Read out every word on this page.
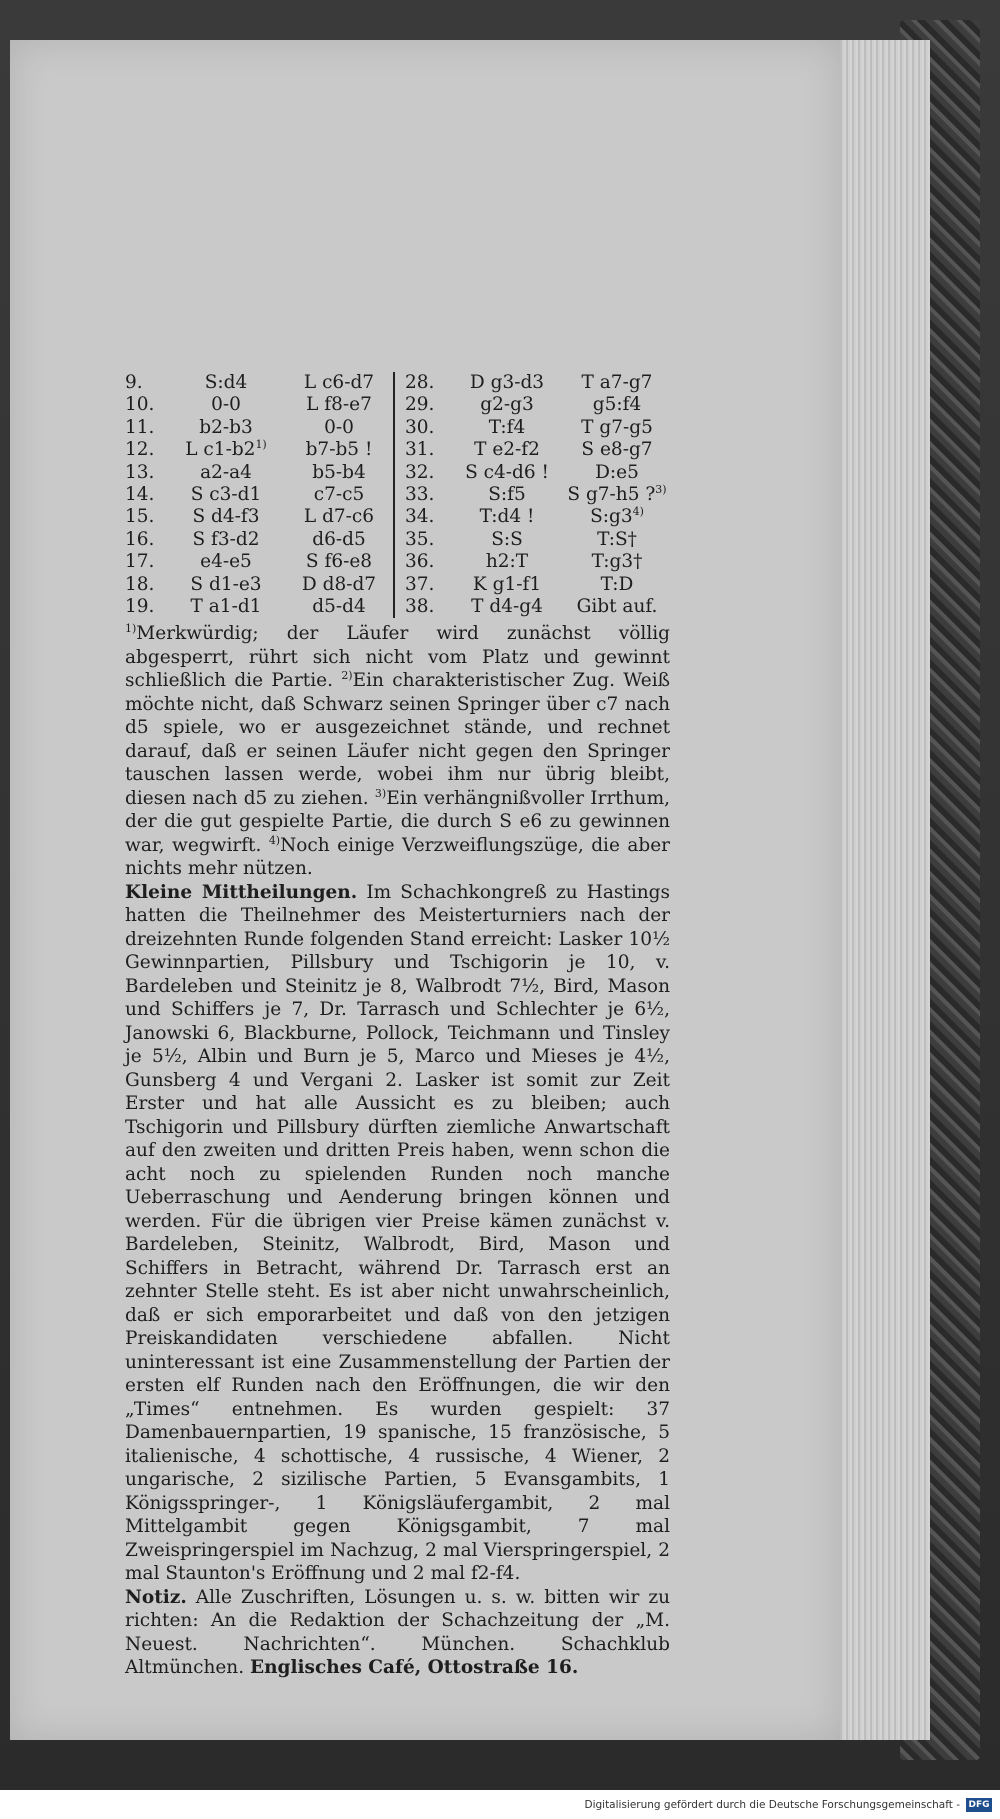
9.	S:d4	L c6-d7
10.	0-0	L f8-e7
11.	b2-b3	0-0
12.	L c1-b2$^{1)}$	b7-b5 !
13.	a2-a4	b5-b4
14.	S c3-d1	c7-c5
15.	S d4-f3	L d7-c6
16.	S f3-d2	d6-d5
17.	e4-e5	S f6-e8
18.	S d1-e3	D d8-d7
19.	T a1-d1	d5-d4
28.	D g3-d3	T a7-g7
29.	g2-g3	g5:f4
30.	T:f4	T g7-g5
31.	T e2-f2	S e8-g7
32.	S c4-d6 !	D:e5
33.	S:f5	S g7-h5 ?$^{3)}$
34.	T:d4 !	S:g3$^{4)}$
35.	S:S	T:S†
36.	h2:T	T:g3†
37.	K g1-f1	T:D
38.	T d4-g4	Gibt auf.

$^{1)}$Merkwürdig; der Läufer wird zunächst völlig abgesperrt, rührt sich nicht vom Platz und gewinnt schließlich die Partie. $^{2)}$Ein charakteristischer Zug. Weiß möchte nicht, daß Schwarz seinen Springer über c7 nach d5 spiele, wo er ausgezeichnet stände, und rechnet darauf, daß er seinen Läufer nicht gegen den Springer tauschen lassen werde, wobei ihm nur übrig bleibt, diesen nach d5 zu ziehen. $^{3)}$Ein verhängnißvoller Irrthum, der die gut gespielte Partie, die durch S e6 zu gewinnen war, wegwirft. $^{4)}$Noch einige Verzweiflungszüge, die aber nichts mehr nützen.

Kleine Mittheilungen. Im Schachkongreß zu Hastings hatten die Theilnehmer des Meisterturniers nach der dreizehnten Runde folgenden Stand erreicht: Lasker 10½ Gewinnpartien, Pillsbury und Tschigorin je 10, v. Bardeleben und Steinitz je 8, Walbrodt 7½, Bird, Mason und Schiffers je 7, Dr. Tarrasch und Schlechter je 6½, Janowski 6, Blackburne, Pollock, Teichmann und Tinsley je 5½, Albin und Burn je 5, Marco und Mieses je 4½, Gunsberg 4 und Vergani 2. Lasker ist somit zur Zeit Erster und hat alle Aussicht es zu bleiben; auch Tschigorin und Pillsbury dürften ziemliche Anwartschaft auf den zweiten und dritten Preis haben, wenn schon die acht noch zu spielenden Runden noch manche Ueberraschung und Aenderung bringen können und werden. Für die übrigen vier Preise kämen zunächst v. Bardeleben, Steinitz, Walbrodt, Bird, Mason und Schiffers in Betracht, während Dr. Tarrasch erst an zehnter Stelle steht. Es ist aber nicht unwahrscheinlich, daß er sich emporarbeitet und daß von den jetzigen Preiskandidaten verschiedene abfallen. Nicht uninteressant ist eine Zusammenstellung der Partien der ersten elf Runden nach den Eröffnungen, die wir den „Times“ entnehmen. Es wurden gespielt: 37 Damenbauernpartien, 19 spanische, 15 französische, 5 italienische, 4 schottische, 4 russische, 4 Wiener, 2 ungarische, 2 sizilische Partien, 5 Evansgambits, 1 Königsspringer-, 1 Königsläufergambit, 2 mal Mittelgambit gegen Königsgambit, 7 mal Zweispringerspiel im Nachzug, 2 mal Vierspringerspiel, 2 mal Staunton's Eröffnung und 2 mal f2-f4.

Notiz. Alle Zuschriften, Lösungen u. s. w. bitten wir zu richten: An die Redaktion der Schachzeitung der „M. Neuest. Nachrichten“. München. Schachklub Altmünchen. Englisches Café, Ottostraße 16.

Digitalisierung gefördert durch die Deutsche Forschungsgemeinschaft - DFG
